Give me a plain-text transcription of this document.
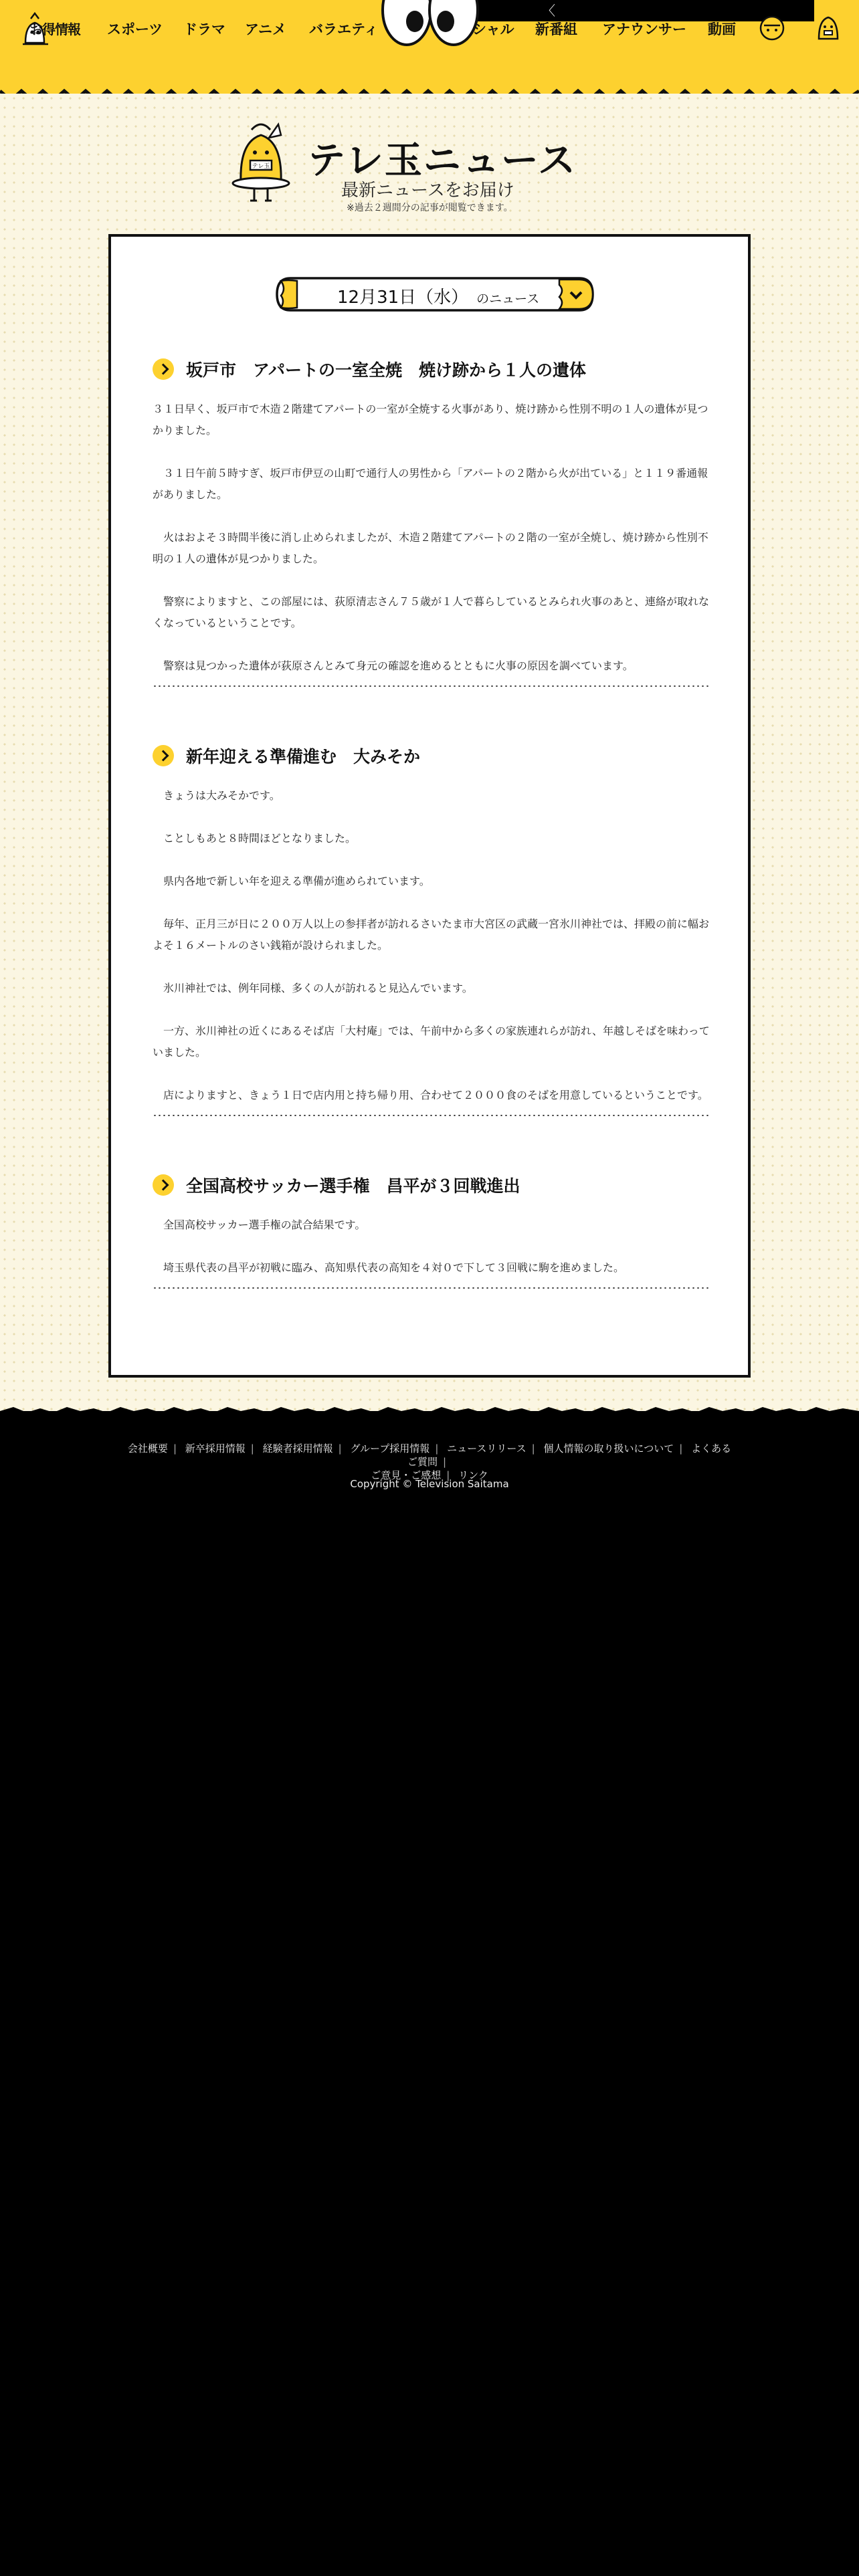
〈
お得情報 スポーツ ドラマ アニメ バラエティ	シャル 新番組 アナウンサー 動画
テレ玉 テレ玉ニュース
最新ニュースをお届け
※過去２週間分の記事が閲覧できます。
12月31日（水） のニュース
坂戸市　アパートの一室全焼　焼け跡から１人の遺体

３１日早く、坂戸市で木造２階建てアパートの一室が全焼する火事があり、焼け跡から性別不明の１人の遺体が見つかりました。

　３１日午前５時すぎ、坂戸市伊豆の山町で通行人の男性から「アパートの２階から火が出ている」と１１９番通報がありました。

　火はおよそ３時間半後に消し止められましたが、木造２階建てアパートの２階の一室が全焼し、焼け跡から性別不明の１人の遺体が見つかりました。

　警察によりますと、この部屋には、荻原清志さん７５歳が１人で暮らしているとみられ火事のあと、連絡が取れなくなっているということです。

　警察は見つかった遺体が荻原さんとみて身元の確認を進めるとともに火事の原因を調べています。

新年迎える準備進む　大みそか

　きょうは大みそかです。

　ことしもあと８時間ほどとなりました。

　県内各地で新しい年を迎える準備が進められています。

　毎年、正月三が日に２００万人以上の参拝者が訪れるさいたま市大宮区の武蔵一宮氷川神社では、拝殿の前に幅およそ１６メートルのさい銭箱が設けられました。

　氷川神社では、例年同様、多くの人が訪れると見込んでいます。

　一方、氷川神社の近くにあるそば店「大村庵」では、午前中から多くの家族連れらが訪れ、年越しそばを味わっていました。

　店によりますと、きょう１日で店内用と持ち帰り用、合わせて２０００食のそばを用意しているということです。

全国高校サッカー選手権　昌平が３回戦進出

　全国高校サッカー選手権の試合結果です。

　埼玉県代表の昌平が初戦に臨み、高知県代表の高知を４対０で下して３回戦に駒を進めました。

会社概要 | 新卒採用情報 | 経験者採用情報 | グループ採用情報 | ニュースリリース | 個人情報の取り扱いについて | よくあるご質問 |
ご意見・ご感想 | リンク
Copyright © Television Saitama
